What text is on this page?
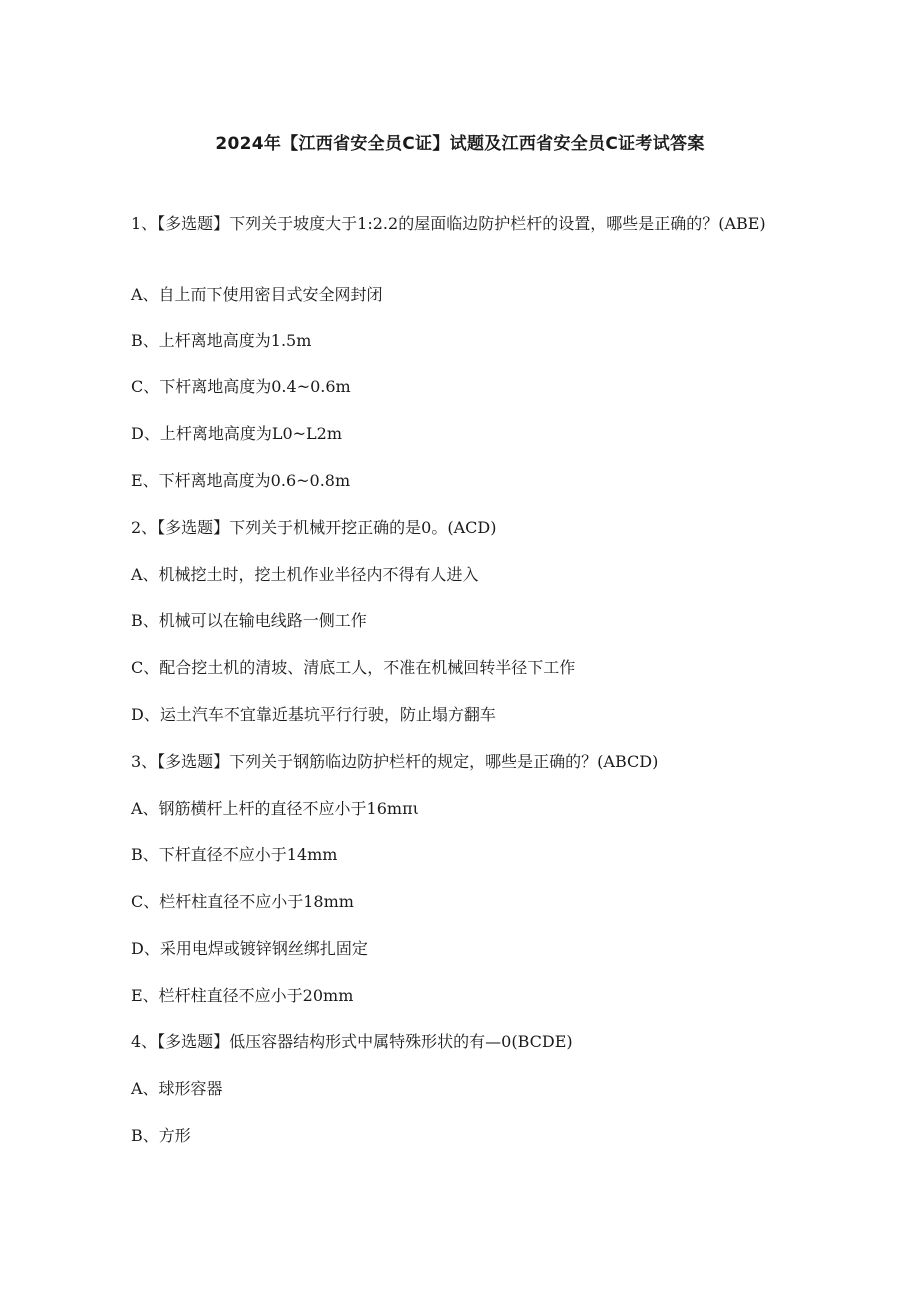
2024年【江西省安全员C证】试题及江西省安全员C证考试答案
1、【多选题】下列关于坡度大于1:2.2的屋面临边防护栏杆的设置，哪些是正确的？(ABE)
A、自上而下使用密目式安全网封闭
B、上杆离地高度为1.5m
C、下杆离地高度为0.4~0.6m
D、上杆离地高度为L0~L2m
E、下杆离地高度为0.6~0.8m
2、【多选题】下列关于机械开挖正确的是0。(ACD)
A、机械挖土时，挖土机作业半径内不得有人进入
B、机械可以在输电线路一侧工作
C、配合挖土机的清坡、清底工人，不准在机械回转半径下工作
D、运土汽车不宜靠近基坑平行行驶，防止塌方翻车
3、【多选题】下列关于钢筋临边防护栏杆的规定，哪些是正确的？(ABCD)
A、钢筋横杆上杆的直径不应小于16mπι
B、下杆直径不应小于14mm
C、栏杆柱直径不应小于18mm
D、采用电焊或镀锌钢丝绑扎固定
E、栏杆柱直径不应小于20mm
4、【多选题】低压容器结构形式中属特殊形状的有—0(BCDE)
A、球形容器
B、方形
